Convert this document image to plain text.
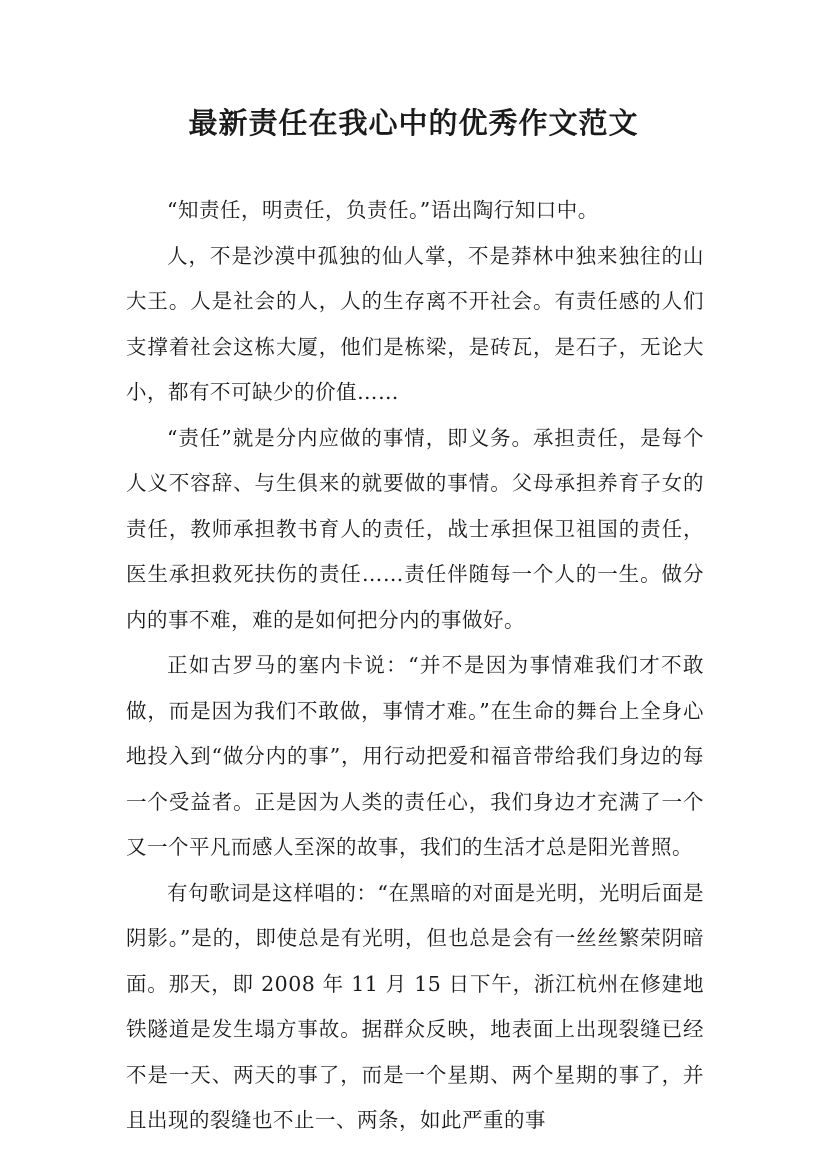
最新责任在我心中的优秀作文范文

“知责任，明责任，负责任。”语出陶行知口中。

人，不是沙漠中孤独的仙人掌，不是莽林中独来独往的山大王。人是社会的人，人的生存离不开社会。有责任感的人们支撑着社会这栋大厦，他们是栋梁，是砖瓦，是石子，无论大小，都有不可缺少的价值……

“责任”就是分内应做的事情，即义务。承担责任，是每个人义不容辞、与生俱来的就要做的事情。父母承担养育子女的责任，教师承担教书育人的责任，战士承担保卫祖国的责任，医生承担救死扶伤的责任……责任伴随每一个人的一生。做分内的事不难，难的是如何把分内的事做好。

正如古罗马的塞内卡说：“并不是因为事情难我们才不敢做，而是因为我们不敢做，事情才难。”在生命的舞台上全身心地投入到“做分内的事”，用行动把爱和福音带给我们身边的每一个受益者。正是因为人类的责任心，我们身边才充满了一个又一个平凡而感人至深的故事，我们的生活才总是阳光普照。

有句歌词是这样唱的：“在黑暗的对面是光明，光明后面是阴影。”是的，即使总是有光明，但也总是会有一丝丝繁荣阴暗面。那天，即 2008 年 11 月 15 日下午，浙江杭州在修建地铁隧道是发生塌方事故。据群众反映，地表面上出现裂缝已经不是一天、两天的事了，而是一个星期、两个星期的事了，并且出现的裂缝也不止一、两条，如此严重的事
